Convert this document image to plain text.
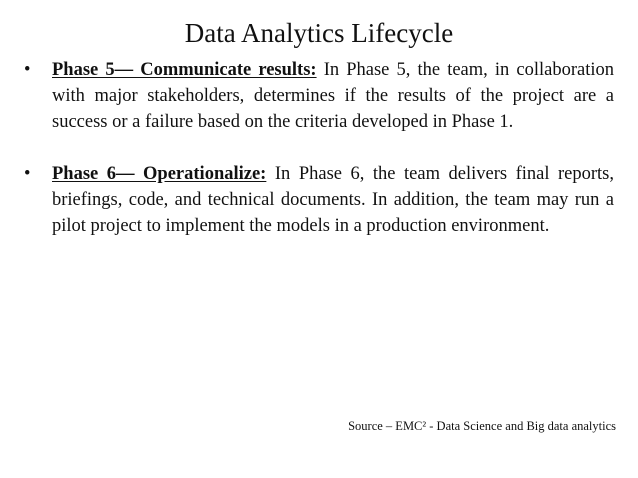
Data Analytics Lifecycle
• Phase 5— Communicate results: In Phase 5, the team, in collaboration with major stakeholders, determines if the results of the project are a success or a failure based on the criteria developed in Phase 1.
• Phase 6— Operationalize: In Phase 6, the team delivers final reports, briefings, code, and technical documents. In addition, the team may run a pilot project to implement the models in a production environment.
Source – EMC² - Data Science and Big data analytics
